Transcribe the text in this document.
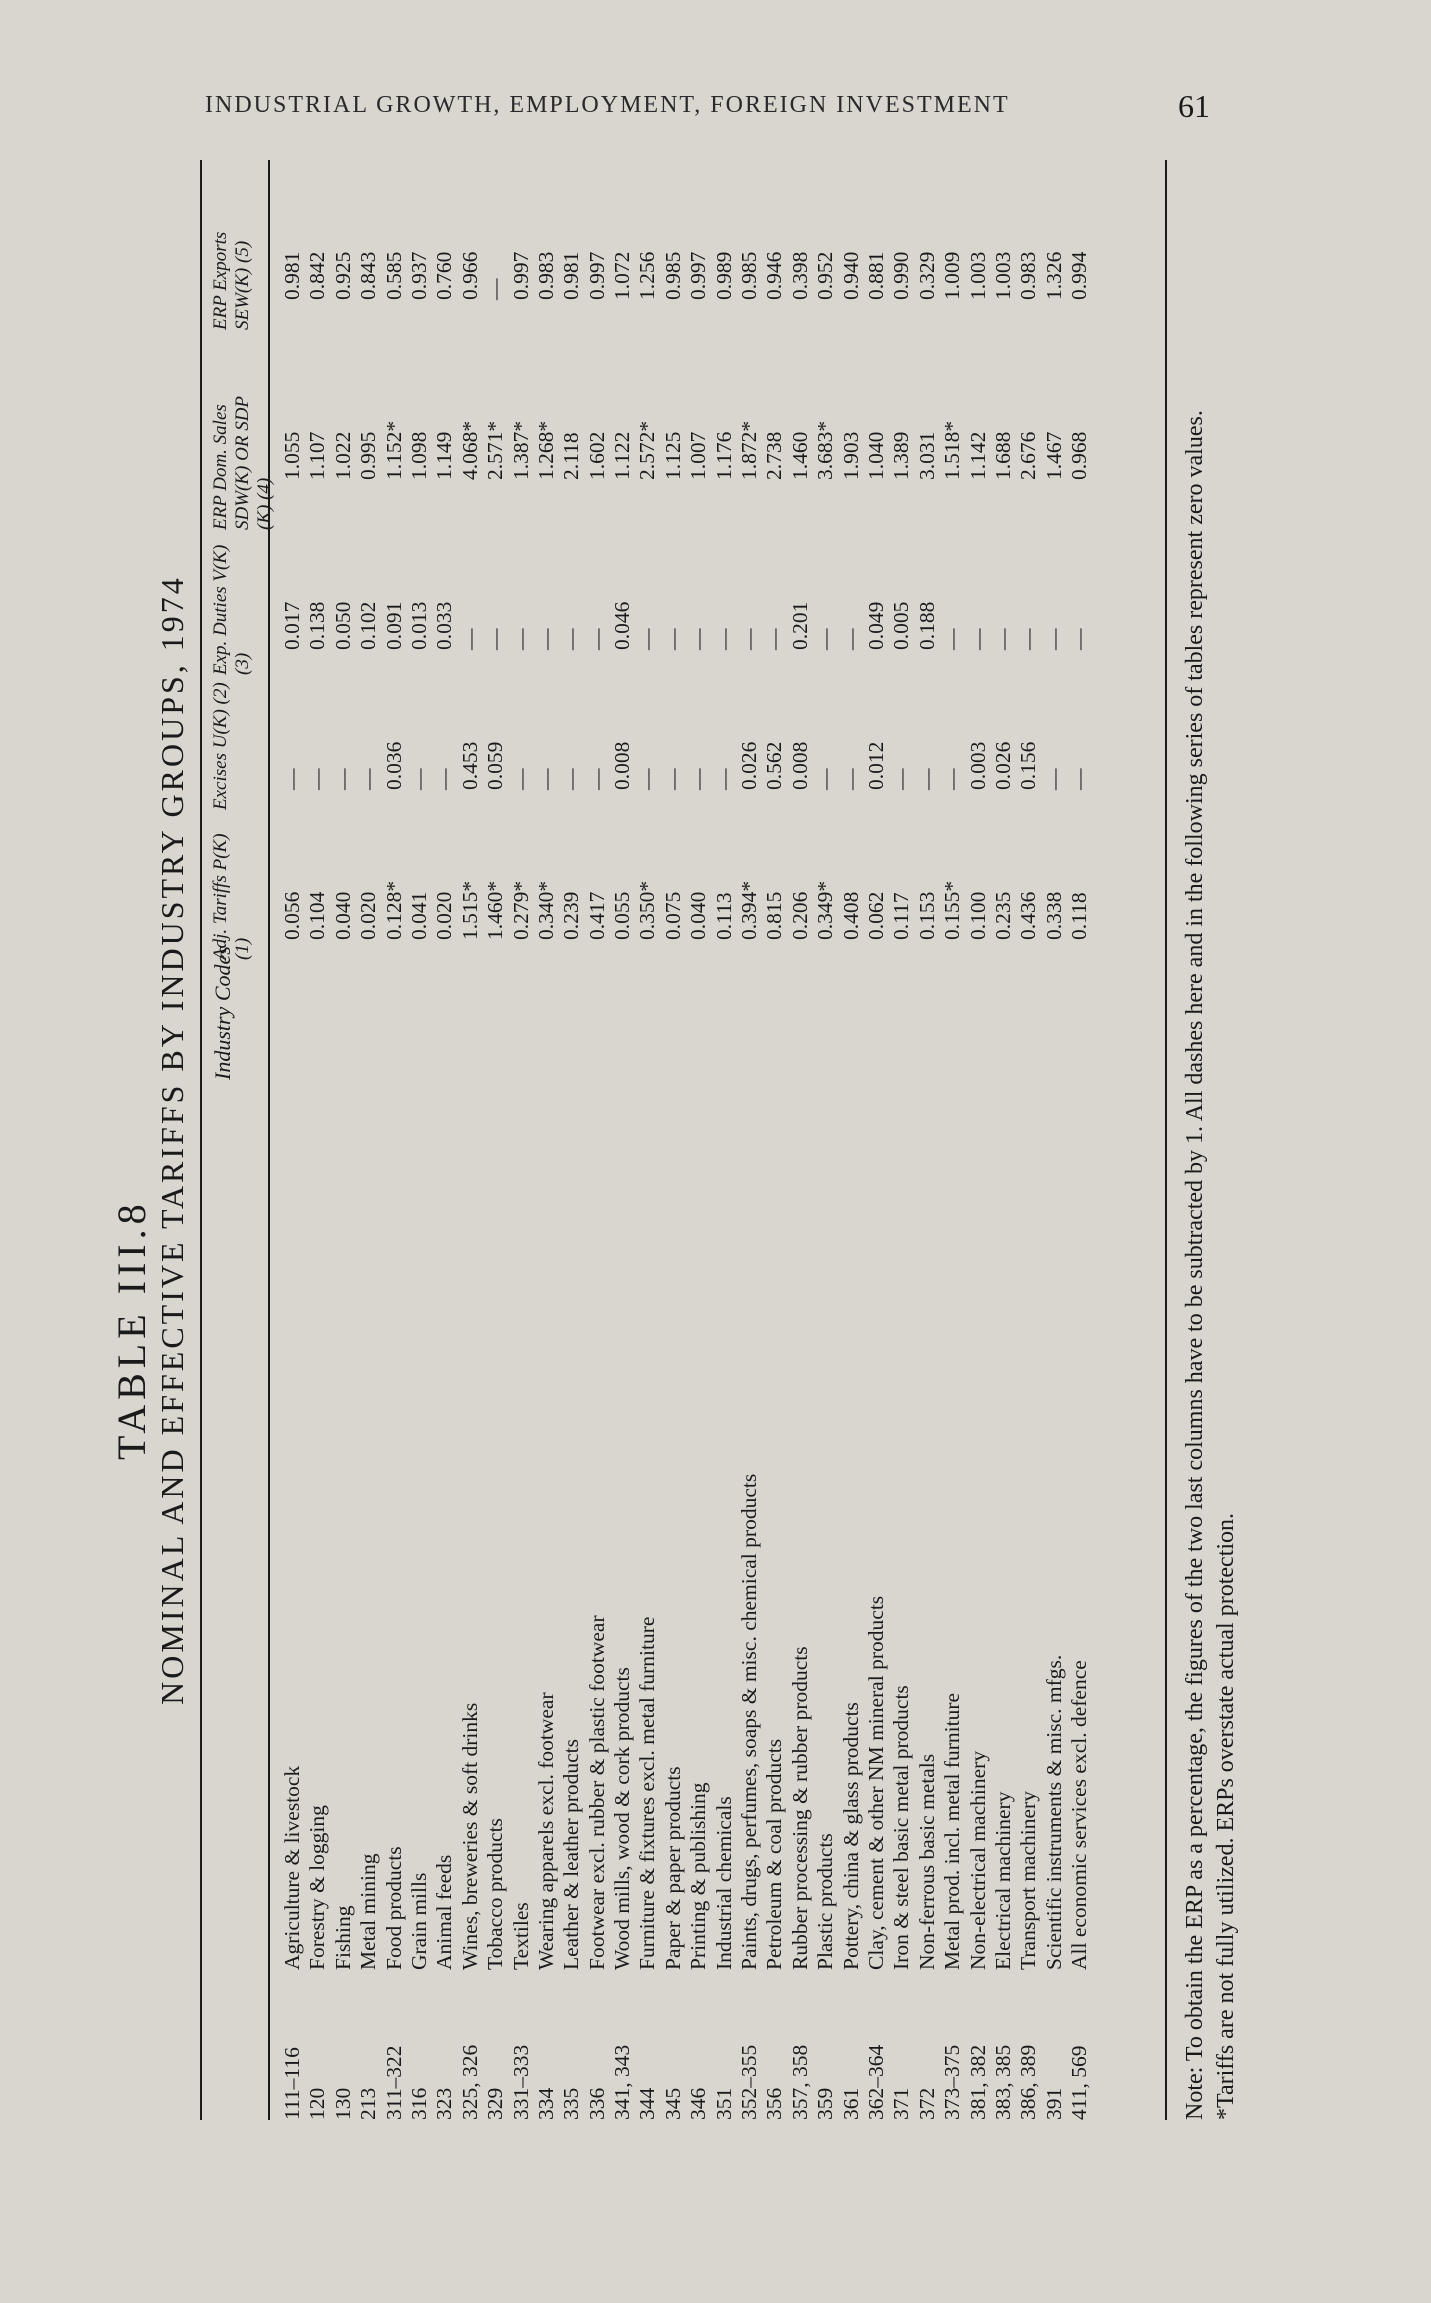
INDUSTRIAL GROWTH, EMPLOYMENT, FOREIGN INVESTMENT	61
TABLE III.8 NOMINAL AND EFFECTIVE TARIFFS BY INDUSTRY GROUPS, 1974 Industry Codes
111–116
Agriculture & livestock
0.056
—
0.017
1.055
0.981
120
Forestry & logging
0.104
—
0.138
1.107
0.842
130
Fishing
0.040
—
0.050
1.022
0.925
213
Metal mining
0.020
—
0.102
0.995
0.843
311–322
Food products
0.128*
0.036
0.091
1.152*
0.585
316
Grain mills
0.041
—
0.013
1.098
0.937
323
Animal feeds
0.020
—
0.033
1.149
0.760
325, 326
Wines, breweries & soft drinks
1.515*
0.453
—
4.068*
0.966
329
Tobacco products
1.460*
0.059
—
2.571*
—
331–333
Textiles
0.279*
—
—
1.387*
0.997
334
Wearing apparels excl. footwear
0.340*
—
—
1.268*
0.983
335
Leather & leather products
0.239
—
—
2.118
0.981
336
Footwear excl. rubber & plastic footwear
0.417
—
—
1.602
0.997
341, 343
Wood mills, wood & cork products
0.055
0.008
0.046
1.122
1.072
344
Furniture & fixtures excl. metal furniture
0.350*
—
—
2.572*
1.256
345
Paper & paper products
0.075
—
—
1.125
0.985
346
Printing & publishing
0.040
—
—
1.007
0.997
351
Industrial chemicals
0.113
—
—
1.176
0.989
352–355
Paints, drugs, perfumes, soaps & misc. chemical products
0.394*
0.026
—
1.872*
0.985
356
Petroleum & coal products
0.815
0.562
—
2.738
0.946
357, 358
Rubber processing & rubber products
0.206
0.008
0.201
1.460
0.398
359
Plastic products
0.349*
—
—
3.683*
0.952
361
Pottery, china & glass products
0.408
—
—
1.903
0.940
362–364
Clay, cement & other NM mineral products
0.062
0.012
0.049
1.040
0.881
371
Iron & steel basic metal products
0.117
—
0.005
1.389
0.990
372
Non-ferrous basic metals
0.153
—
0.188
3.031
0.329
373–375
Metal prod. incl. metal furniture
0.155*
—
—
1.518*
1.009
381, 382
Non-electrical machinery
0.100
0.003
—
1.142
1.003
383, 385
Electrical machinery
0.235
0.026
—
1.688
1.003
386, 389
Transport machinery
0.436
0.156
—
2.676
0.983
391
Scientific instruments & misc. mfgs.
0.338
—
—
1.467
1.326
411, 569
All economic services excl. defence
0.118
—
—
0.968
0.994

Note: To obtain the ERP as a percentage, the figures of the two last columns have to be subtracted by 1. All dashes here and in the following series of tables represent zero values. *Tariffs are not fully utilized. ERPs overstate actual protection.

Adj. Tariffs P(K) (1)
Excises U(K) (2)
Exp. Duties V(K) (3)
ERP Dom. Sales SDW(K) OR SDP (K) (4)
ERP Exports SEW(K) (5)
